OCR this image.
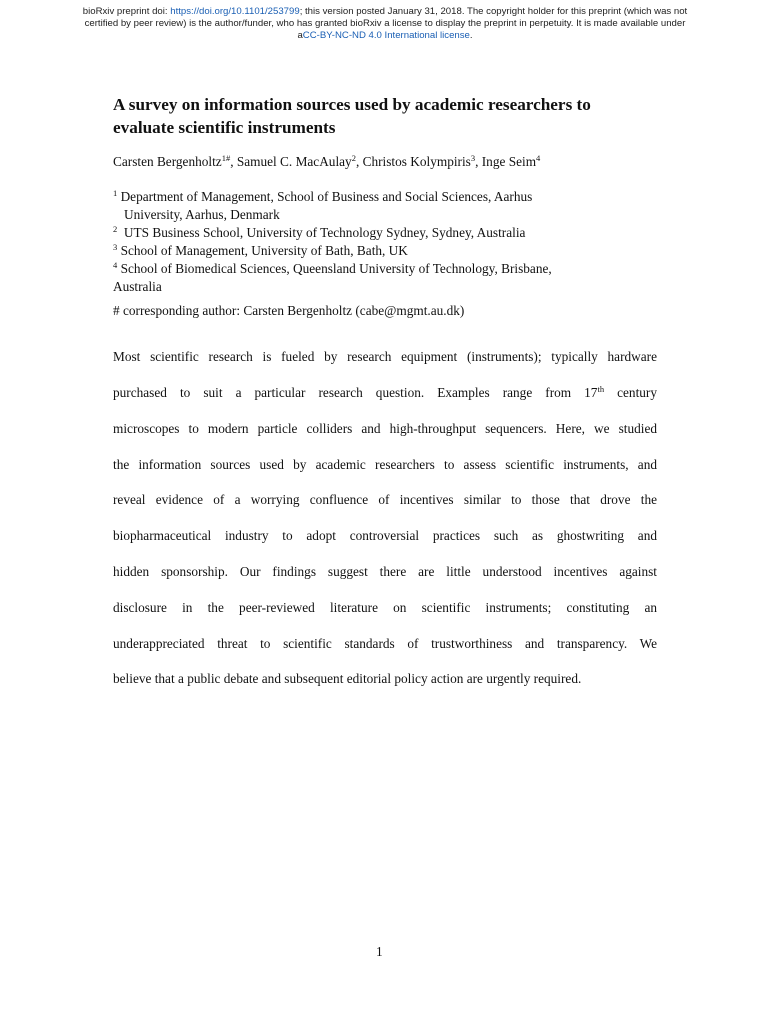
bioRxiv preprint doi: https://doi.org/10.1101/253799; this version posted January 31, 2018. The copyright holder for this preprint (which was not
certified by peer review) is the author/funder, who has granted bioRxiv a license to display the preprint in perpetuity. It is made available under
aCC-BY-NC-ND 4.0 International license.
A survey on information sources used by academic researchers to
evaluate scientific instruments
Carsten Bergenholtz$^{1\#}$, Samuel C. MacAulay$^2$, Christos Kolympiris$^3$, Inge Seim$^4$
$^1$ Department of Management, School of Business and Social Sciences, Aarhus
University, Aarhus, Denmark
$^2$  UTS Business School, University of Technology Sydney, Sydney, Australia
$^3$ School of Management, University of Bath, Bath, UK
$^4$ School of Biomedical Sciences, Queensland University of Technology, Brisbane,
Australia
# corresponding author: Carsten Bergenholtz (cabe@mgmt.au.dk)
Most scientific research is fueled by research equipment (instruments); typically hardware
purchased to suit a particular research question. Examples range from 17th century
microscopes to modern particle colliders and high-throughput sequencers. Here, we studied
the information sources used by academic researchers to assess scientific instruments, and
reveal evidence of a worrying confluence of incentives similar to those that drove the
biopharmaceutical industry to adopt controversial practices such as ghostwriting and
hidden sponsorship. Our findings suggest there are little understood incentives against
disclosure in the peer-reviewed literature on scientific instruments; constituting an
underappreciated threat to scientific standards of trustworthiness and transparency. We
believe that a public debate and subsequent editorial policy action are urgently required.
1
